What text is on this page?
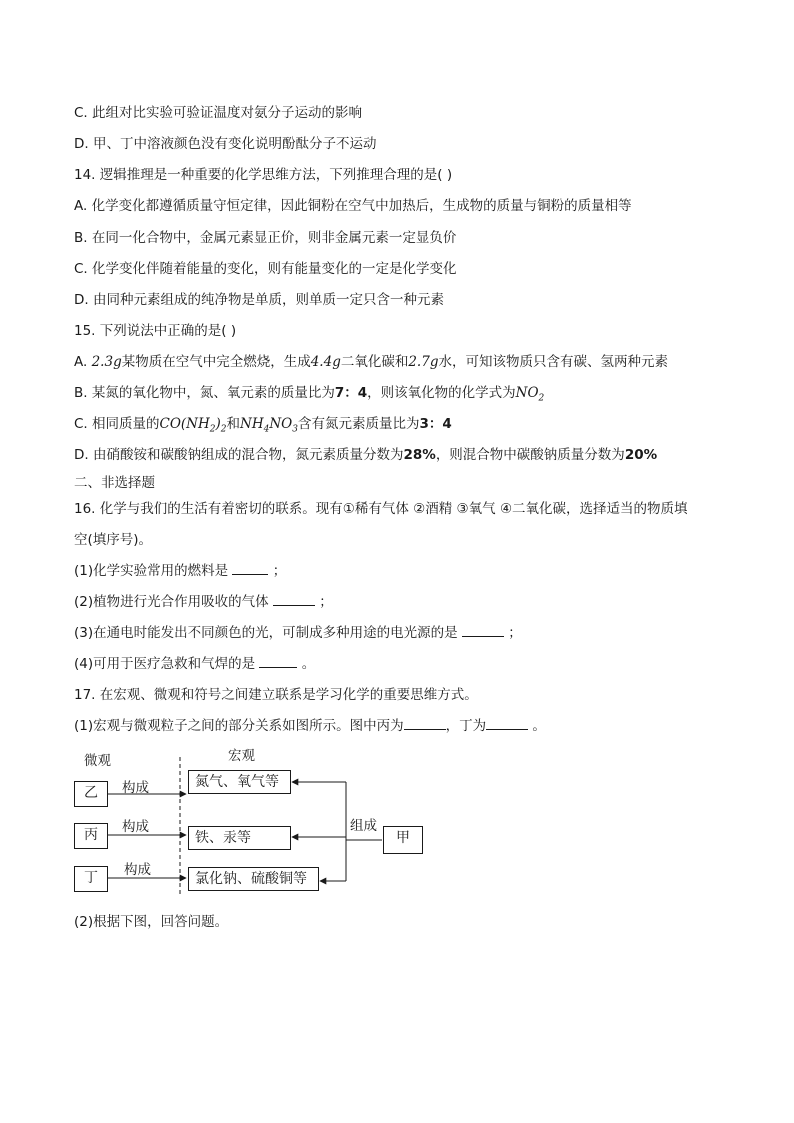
C. 此组对比实验可验证温度对氨分子运动的影响
D. 甲、丁中溶液颜色没有变化说明酚酞分子不运动
14. 逻辑推理是一种重要的化学思维方法，下列推理合理的是( )
A. 化学变化都遵循质量守恒定律，因此铜粉在空气中加热后，生成物的质量与铜粉的质量相等
B. 在同一化合物中，金属元素显正价，则非金属元素一定显负价
C. 化学变化伴随着能量的变化，则有能量变化的一定是化学变化
D. 由同种元素组成的纯净物是单质，则单质一定只含一种元素
15. 下列说法中正确的是( )
A. 2.3g某物质在空气中完全燃烧，生成4.4g二氧化碳和2.7g水，可知该物质只含有碳、氢两种元素
B. 某氮的氧化物中，氮、氧元素的质量比为7：4，则该氧化物的化学式为$NO_2$
C. 相同质量的$CO(NH_2)_2$和$NH_4NO_3$含有氮元素质量比为3：4
D. 由硝酸铵和碳酸钠组成的混合物，氮元素质量分数为28%，则混合物中碳酸钠质量分数为20%
二、非选择题
16. 化学与我们的生活有着密切的联系。现有①稀有气体 ②酒精 ③氧气 ④二氧化碳，选择适当的物质填
空(填序号)。
(1)化学实验常用的燃料是	；
(2)植物进行光合作用吸收的气体	；
(3)在通电时能发出不同颜色的光，可制成多种用途的电光源的是	；
(4)可用于医疗急救和气焊的是	。
17. 在宏观、微观和符号之间建立联系是学习化学的重要思维方式。
(1)宏观与微观粒子之间的部分关系如图所示。图中丙为	，丁为	。
微观	宏观
乙
丙
丁
构成
构成
构成
氮气、氧气等
铁、汞等
氯化钠、硫酸铜等
组成
甲
(2)根据下图，回答问题。
